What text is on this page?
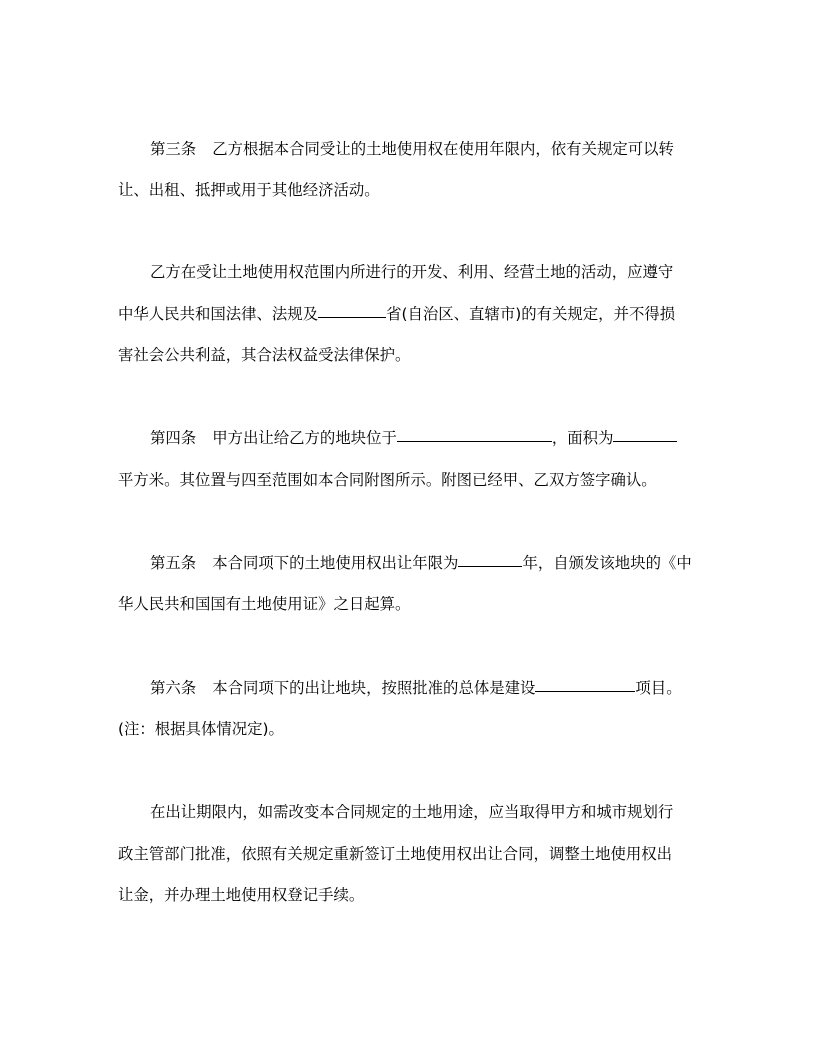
第三条 乙方根据本合同受让的土地使用权在使用年限内，依有关规定可以转
让、出租、抵押或用于其他经济活动。
乙方在受让土地使用权范围内所进行的开发、利用、经营土地的活动，应遵守
中华人民共和国法律、法规及	省(自治区、直辖市)的有关规定，并不得损
害社会公共利益，其合法权益受法律保护。
第四条 甲方出让给乙方的地块位于	，面积为
平方米。其位置与四至范围如本合同附图所示。附图已经甲、乙双方签字确认。
第五条 本合同项下的土地使用权出让年限为	年，自颁发该地块的《中
华人民共和国国有土地使用证》之日起算。
第六条 本合同项下的出让地块，按照批准的总体是建设	项目。
(注：根据具体情况定)。
在出让期限内，如需改变本合同规定的土地用途，应当取得甲方和城市规划行
政主管部门批准，依照有关规定重新签订土地使用权出让合同，调整土地使用权出
让金，并办理土地使用权登记手续。
